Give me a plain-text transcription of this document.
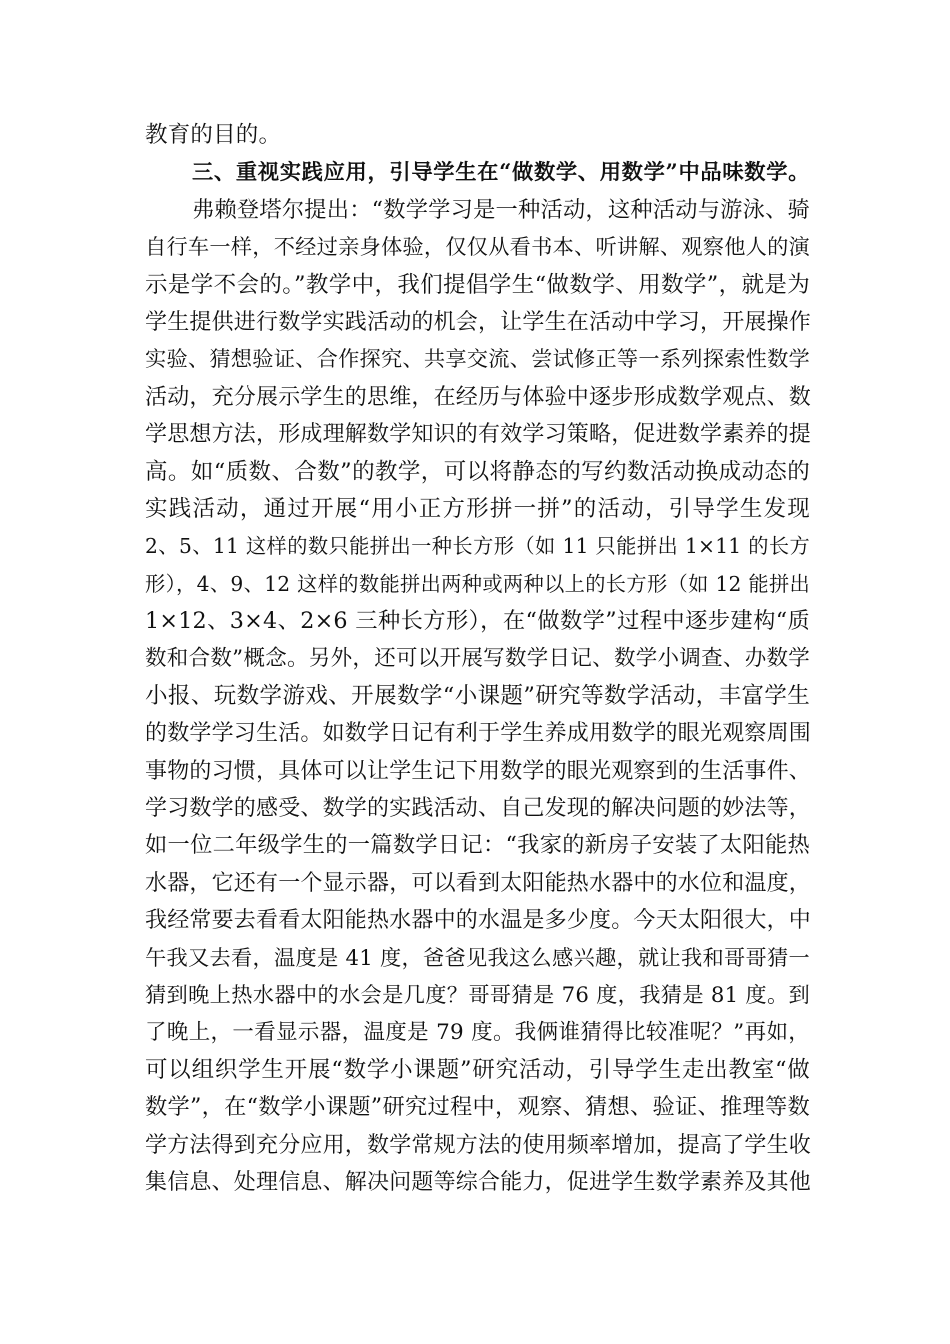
教育的目的。
三、重视实践应用，引导学生在“做数学、用数学”中品味数学。
弗赖登塔尔提出：“数学学习是一种活动，这种活动与游泳、骑
自行车一样，不经过亲身体验，仅仅从看书本、听讲解、观察他人的演
示是学不会的。”教学中，我们提倡学生“做数学、用数学”，就是为
学生提供进行数学实践活动的机会，让学生在活动中学习，开展操作
实验、猜想验证、合作探究、共享交流、尝试修正等一系列探索性数学
活动，充分展示学生的思维，在经历与体验中逐步形成数学观点、数
学思想方法，形成理解数学知识的有效学习策略，促进数学素养的提
高。如“质数、合数”的教学，可以将静态的写约数活动换成动态的
实践活动，通过开展“用小正方形拼一拼”的活动，引导学生发现
2、5、11 这样的数只能拼出一种长方形（如 11 只能拼出 1×11 的长方
形），4、9、12 这样的数能拼出两种或两种以上的长方形（如 12 能拼出
1×12、3×4、2×6 三种长方形），在“做数学”过程中逐步建构“质
数和合数”概念。另外，还可以开展写数学日记、数学小调查、办数学
小报、玩数学游戏、开展数学“小课题”研究等数学活动，丰富学生
的数学学习生活。如数学日记有利于学生养成用数学的眼光观察周围
事物的习惯，具体可以让学生记下用数学的眼光观察到的生活事件、
学习数学的感受、数学的实践活动、自己发现的解决问题的妙法等，
如一位二年级学生的一篇数学日记：“我家的新房子安装了太阳能热
水器，它还有一个显示器，可以看到太阳能热水器中的水位和温度，
我经常要去看看太阳能热水器中的水温是多少度。今天太阳很大，中
午我又去看，温度是 41 度，爸爸见我这么感兴趣，就让我和哥哥猜一
猜到晚上热水器中的水会是几度？哥哥猜是 76 度，我猜是 81 度。到
了晚上，一看显示器，温度是 79 度。我俩谁猜得比较准呢？”再如，
可以组织学生开展“数学小课题”研究活动，引导学生走出教室“做
数学”，在“数学小课题”研究过程中，观察、猜想、验证、推理等数
学方法得到充分应用，数学常规方法的使用频率增加，提高了学生收
集信息、处理信息、解决问题等综合能力，促进学生数学素养及其他
